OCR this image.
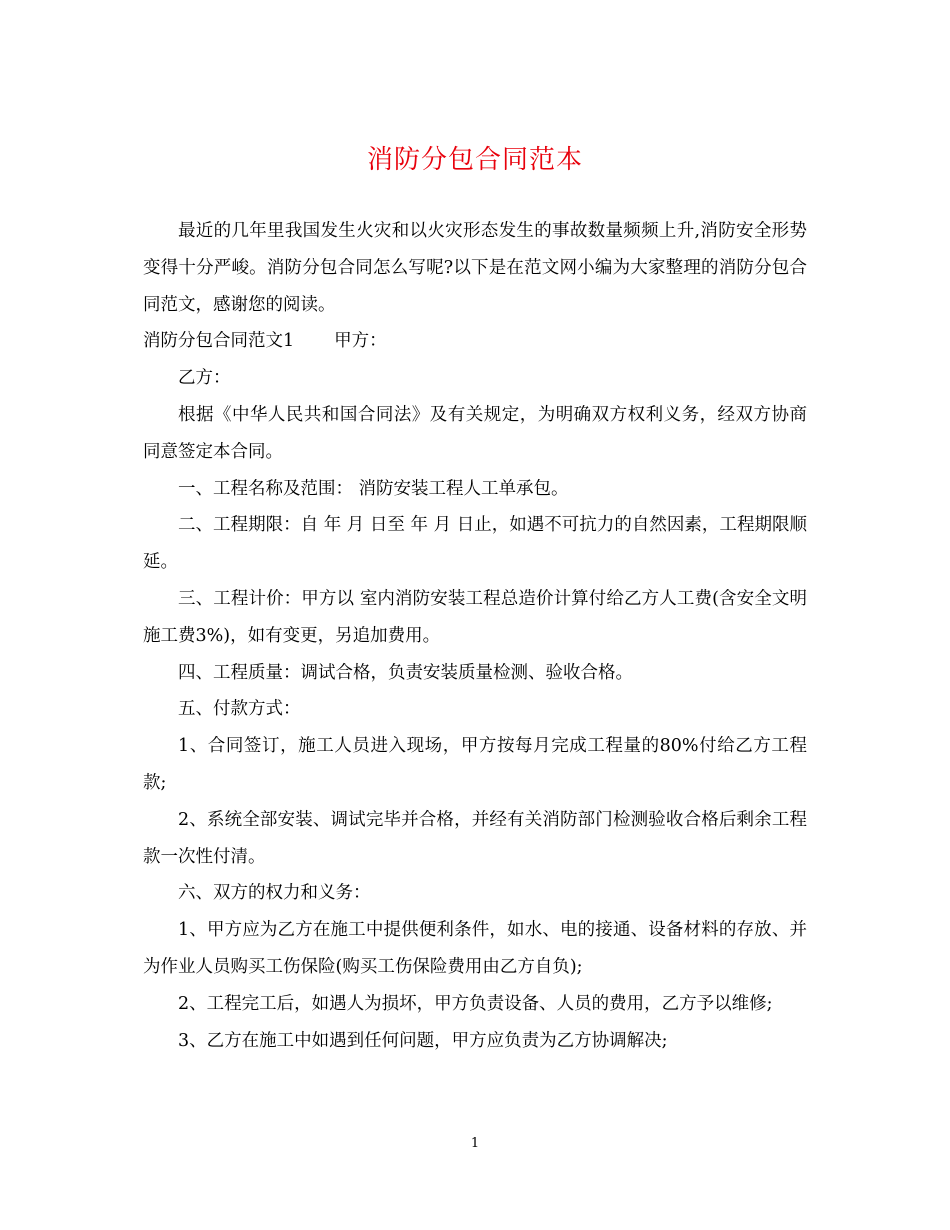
消防分包合同范本

最近的几年里我国发生火灾和以火灾形态发生的事故数量频频上升,消防安全形势变得十分严峻。消防分包合同怎么写呢?以下是在范文网小编为大家整理的消防分包合同范文，感谢您的阅读。

消防分包合同范文1 甲方：

乙方：

根据《中华人民共和国合同法》及有关规定，为明确双方权利义务，经双方协商同意签定本合同。

一、工程名称及范围： 消防安装工程人工单承包。

二、工程期限：自 年 月 日至 年 月 日止，如遇不可抗力的自然因素，工程期限顺延。

三、工程计价：甲方以 室内消防安装工程总造价计算付给乙方人工费(含安全文明施工费3%)，如有变更，另追加费用。

四、工程质量：调试合格，负责安装质量检测、验收合格。

五、付款方式：

1、合同签订，施工人员进入现场，甲方按每月完成工程量的80%付给乙方工程款;

2、系统全部安装、调试完毕并合格，并经有关消防部门检测验收合格后剩余工程款一次性付清。

六、双方的权力和义务：

1、甲方应为乙方在施工中提供便利条件，如水、电的接通、设备材料的存放、并为作业人员购买工伤保险(购买工伤保险费用由乙方自负);

2、工程完工后，如遇人为损坏，甲方负责设备、人员的费用，乙方予以维修;

3、乙方在施工中如遇到任何问题，甲方应负责为乙方协调解决;

1
